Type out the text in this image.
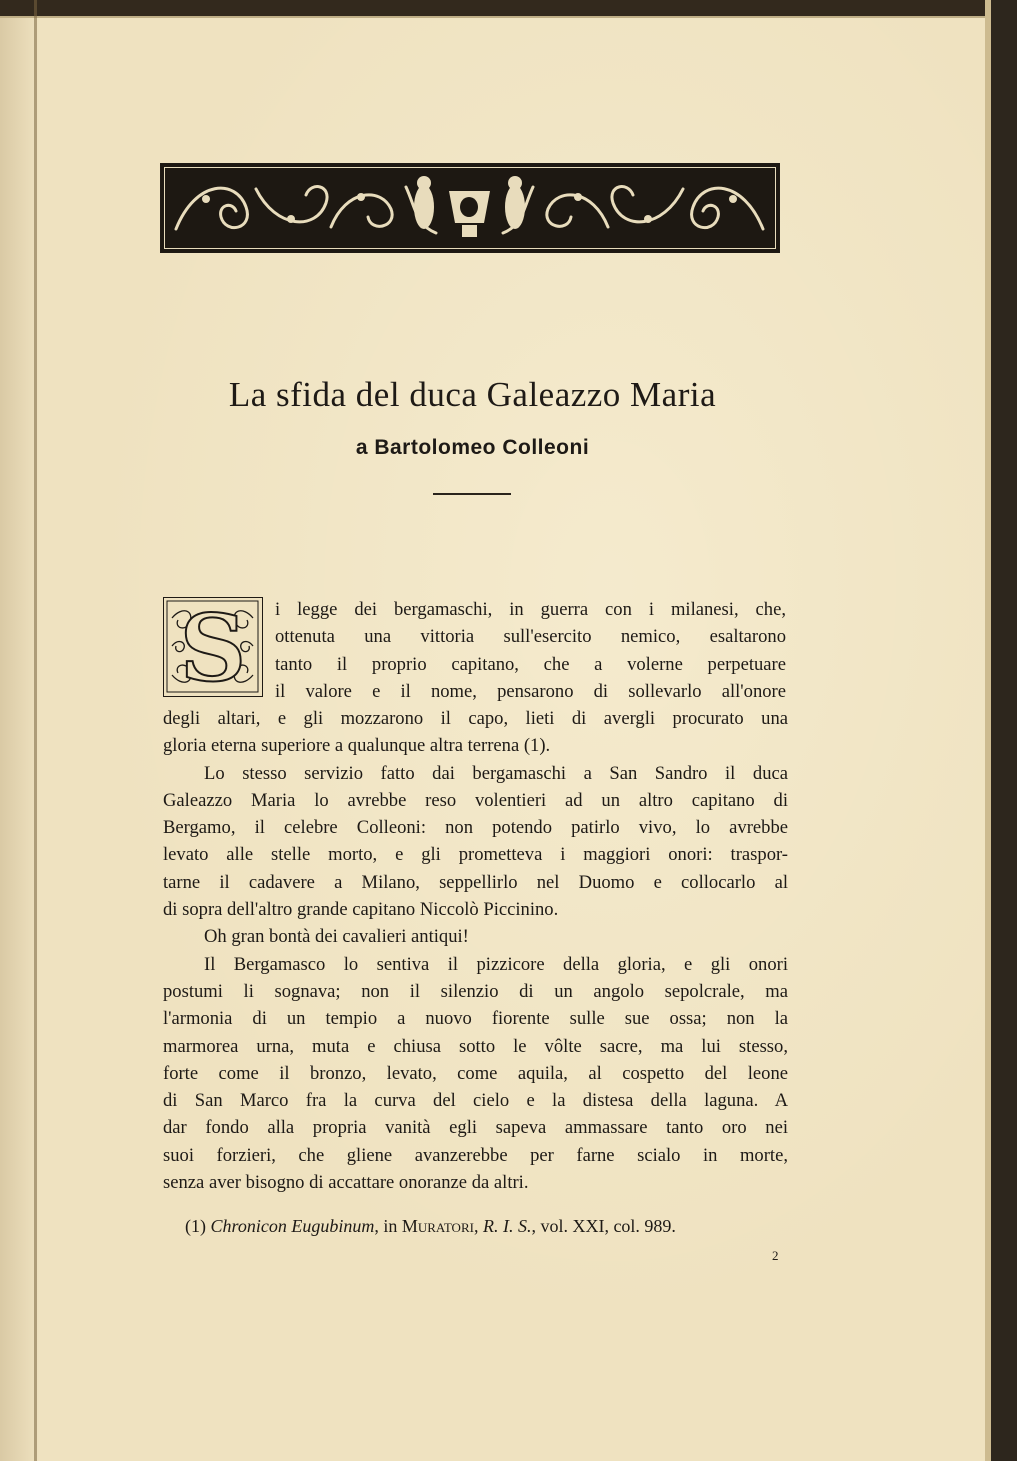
La sfida del duca Galeazzo Maria
a Bartolomeo Colleoni
S	i legge dei bergamaschi, in guerra con i milanesi, che,
ottenuta una vittoria sull'esercito nemico, esaltarono
tanto il proprio capitano, che a volerne perpetuare
il valore e il nome, pensarono di sollevarlo all'onore
degli altari, e gli mozzarono il capo, lieti di avergli procurato una
gloria eterna superiore a qualunque altra terrena (1).
Lo stesso servizio fatto dai bergamaschi a San Sandro il duca
Galeazzo Maria lo avrebbe reso volentieri ad un altro capitano di
Bergamo, il celebre Colleoni: non potendo patirlo vivo, lo avrebbe
levato alle stelle morto, e gli prometteva i maggiori onori: traspor-
tarne il cadavere a Milano, seppellirlo nel Duomo e collocarlo al
di sopra dell'altro grande capitano Niccolò Piccinino.
Oh gran bontà dei cavalieri antiqui!
Il Bergamasco lo sentiva il pizzicore della gloria, e gli onori
postumi li sognava; non il silenzio di un angolo sepolcrale, ma
l'armonia di un tempio a nuovo fiorente sulle sue ossa; non la
marmorea urna, muta e chiusa sotto le vôlte sacre, ma lui stesso,
forte come il bronzo, levato, come aquila, al cospetto del leone
di San Marco fra la curva del cielo e la distesa della laguna. A
dar fondo alla propria vanità egli sapeva ammassare tanto oro nei
suoi forzieri, che gliene avanzerebbe per farne scialo in morte,
senza aver bisogno di accattare onoranze da altri.
(1) Chronicon Eugubinum, in Muratori, R. I. S., vol. XXI, col. 989.
2
